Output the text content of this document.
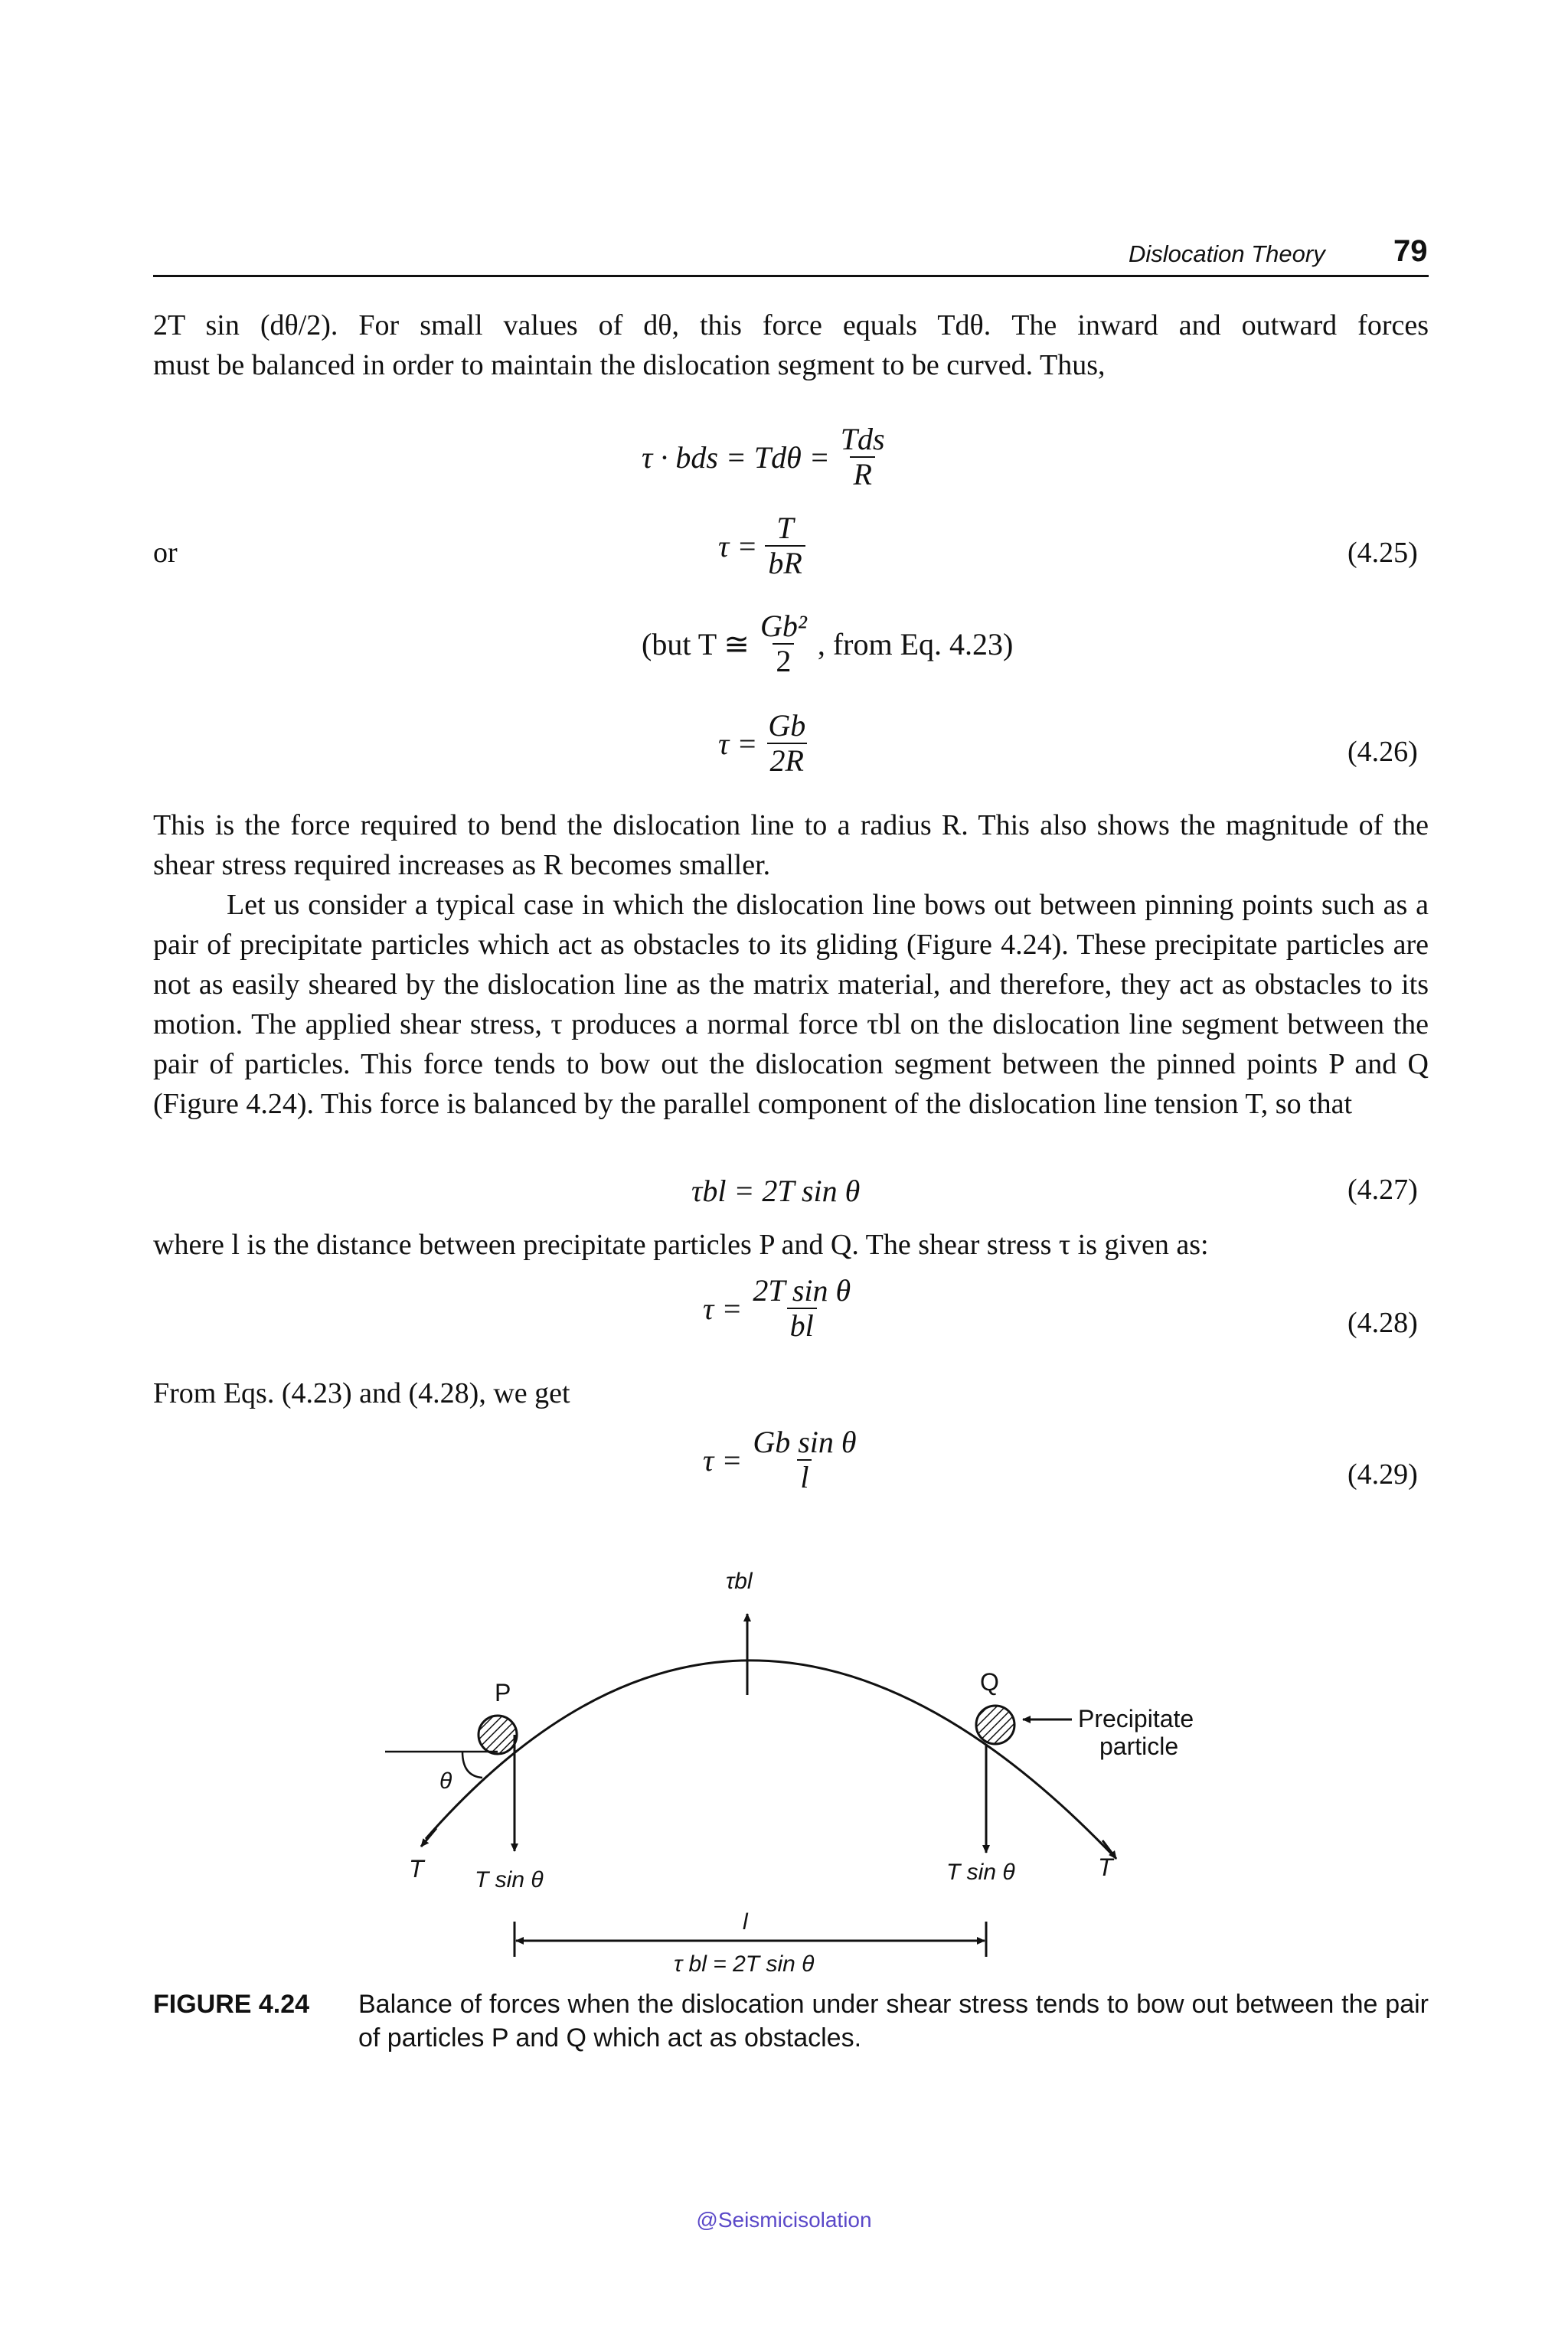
Dislocation Theory 79
2T sin (dθ/2). For small values of dθ, this force equals Tdθ. The inward and outward forces
must be balanced in order to maintain the dislocation segment to be curved. Thus,
τ · bds = $Td\theta = \frac{\text{Tds}}{R}$
or	$\tau = \frac{T}{bR}$	(4.25)
(but T ≅ $\frac{\text{Gb²}}{2}$ , from Eq. 4.23)
$\tau = \frac{Gb}{2R}$	(4.26)

This is the force required to bend the dislocation line to a radius R. This also shows the magnitude of the shear stress required increases as R becomes smaller.

Let us consider a typical case in which the dislocation line bows out between pinning points such as a pair of precipitate particles which act as obstacles to its gliding (Figure 4.24). These precipitate particles are not as easily sheared by the dislocation line as the matrix material, and therefore, they act as obstacles to its motion. The applied shear stress, τ produces a normal force τbl on the dislocation line segment between the pair of particles. This force tends to bow out the dislocation segment between the pinned points P and Q (Figure 4.24). This force is balanced by the parallel component of the dislocation line tension T, so that

τbl = 2T sin θ	(4.27)

where l is the distance between precipitate particles P and Q. The shear stress τ is given as:

$\tau = \frac{\text{2T sin θ}}{bl}$	(4.28)
From Eqs. (4.23) and (4.28), we get
$\tau = \frac{\text{Gb sin θ}}{l}$	(4.29)
τbl
P	Q
Precipitate
particle
θ
T	T
T sin θ	T sin θ
l
τ bl = 2T sin θ
FIGURE 4.24 Balance of forces when the dislocation under shear stress tends to bow out between the pair of particles P and Q which act as obstacles.
@Seismicisolation
